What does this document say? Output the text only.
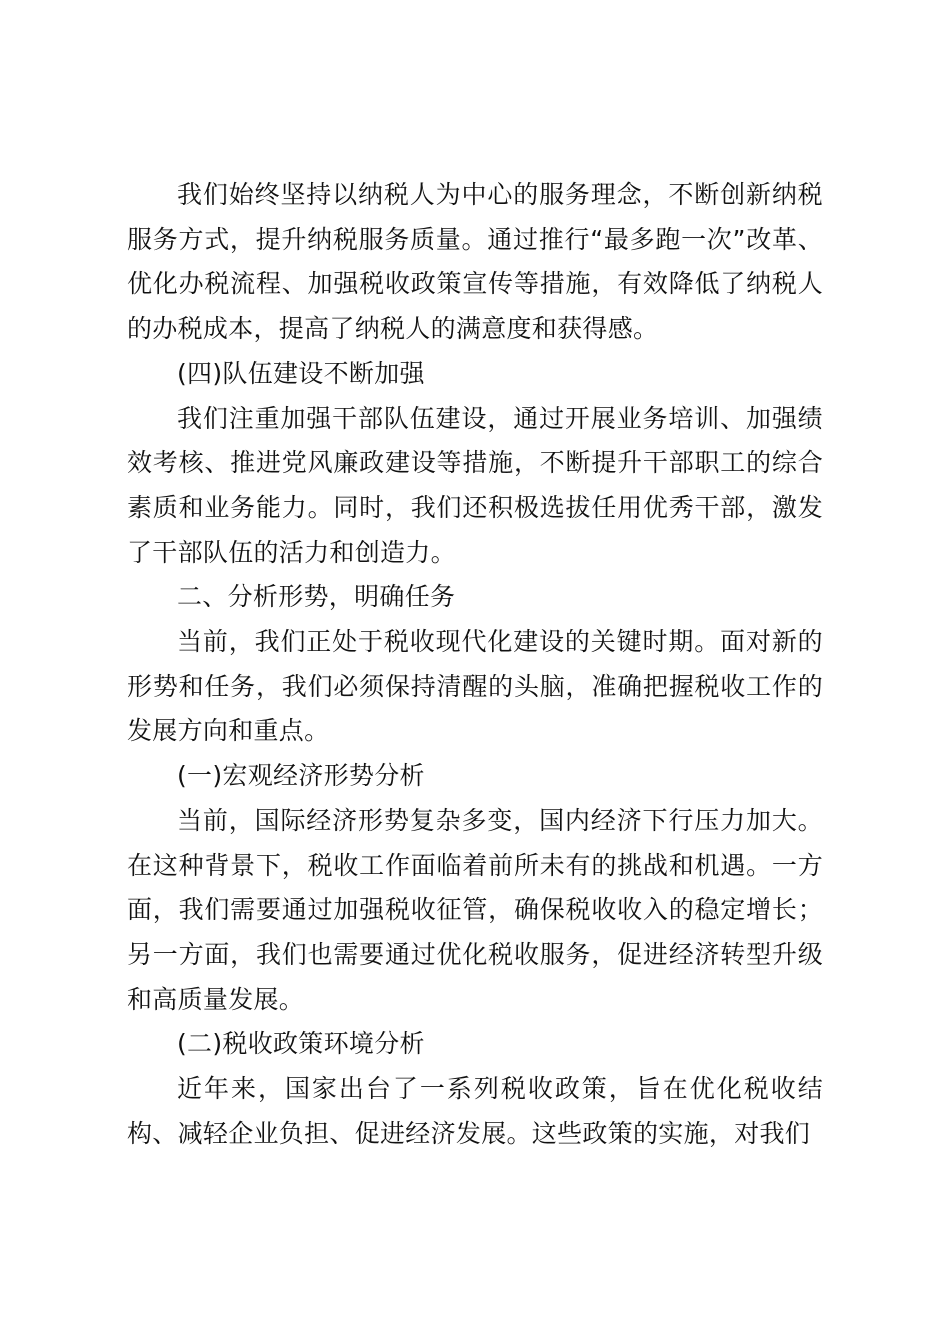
我们始终坚持以纳税人为中心的服务理念，不断创新纳税服务方式，提升纳税服务质量。通过推行“最多跑一次”改革、优化办税流程、加强税收政策宣传等措施，有效降低了纳税人的办税成本，提高了纳税人的满意度和获得感。

(四)队伍建设不断加强

我们注重加强干部队伍建设，通过开展业务培训、加强绩效考核、推进党风廉政建设等措施，不断提升干部职工的综合素质和业务能力。同时，我们还积极选拔任用优秀干部，激发了干部队伍的活力和创造力。

二、分析形势，明确任务

当前，我们正处于税收现代化建设的关键时期。面对新的形势和任务，我们必须保持清醒的头脑，准确把握税收工作的发展方向和重点。

(一)宏观经济形势分析

当前，国际经济形势复杂多变，国内经济下行压力加大。在这种背景下，税收工作面临着前所未有的挑战和机遇。一方面，我们需要通过加强税收征管，确保税收收入的稳定增长；另一方面，我们也需要通过优化税收服务，促进经济转型升级和高质量发展。

(二)税收政策环境分析

近年来，国家出台了一系列税收政策，旨在优化税收结构、减轻企业负担、促进经济发展。这些政策的实施，对我们
